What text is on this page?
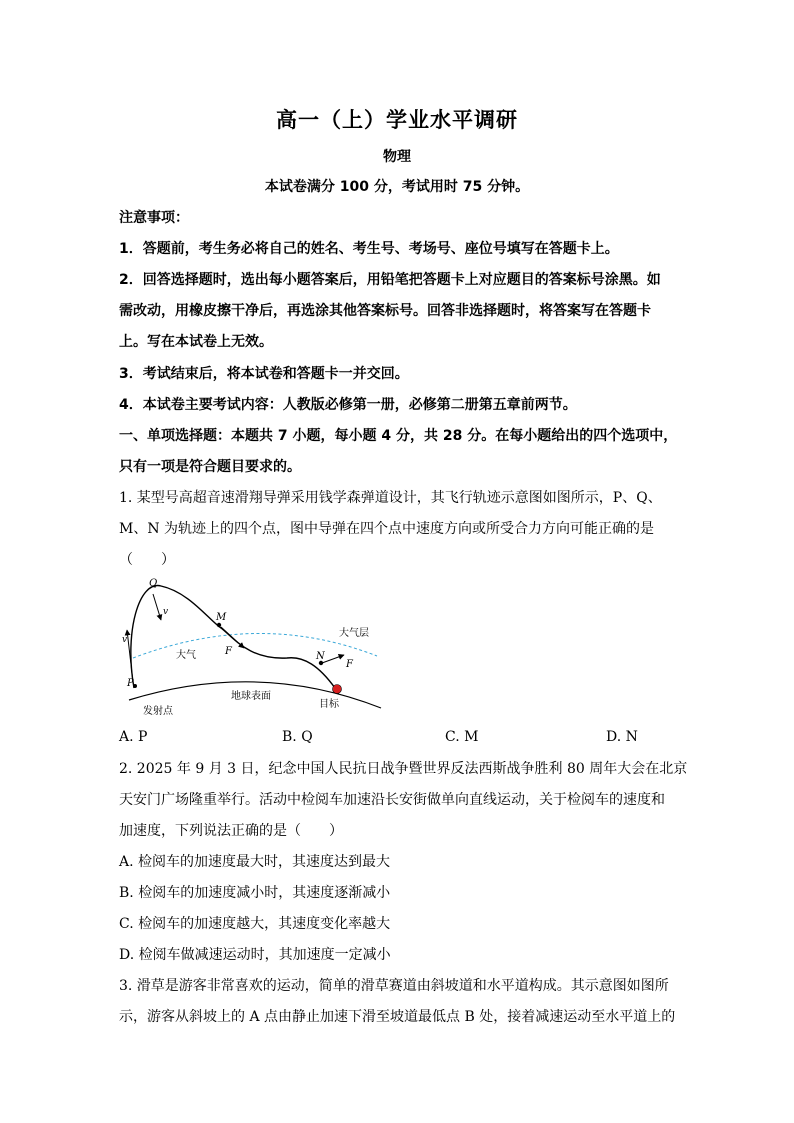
高一（上）学业水平调研
物理
本试卷满分 100 分，考试用时 75 分钟。
注意事项：
1．答题前，考生务必将自己的姓名、考生号、考场号、座位号填写在答题卡上。
2．回答选择题时，选出每小题答案后，用铅笔把答题卡上对应题目的答案标号涂黑。如
需改动，用橡皮擦干净后，再选涂其他答案标号。回答非选择题时，将答案写在答题卡
上。写在本试卷上无效。
3．考试结束后，将本试卷和答题卡一并交回。
4．本试卷主要考试内容：人教版必修第一册，必修第二册第五章前两节。
一、单项选择题：本题共 7 小题，每小题 4 分，共 28 分。在每小题给出的四个选项中，
只有一项是符合题目要求的。
1. 某型号高超音速滑翔导弹采用钱学森弹道设计，其飞行轨迹示意图如图所示，P、Q、
M、N 为轨迹上的四个点，图中导弹在四个点中速度方向或所受合力方向可能正确的是
（　　）
Q
v	M
大气层
v
大气	F	N
F
P
地球表面
发射点
目标
A. P	B. Q	C. M	D. N
2. 2025 年 9 月 3 日，纪念中国人民抗日战争暨世界反法西斯战争胜利 80 周年大会在北京
天安门广场隆重举行。活动中检阅车加速沿长安街做单向直线运动，关于检阅车的速度和
加速度，下列说法正确的是（　　）
A. 检阅车的加速度最大时，其速度达到最大
B. 检阅车的加速度减小时，其速度逐渐减小
C. 检阅车的加速度越大，其速度变化率越大
D. 检阅车做减速运动时，其加速度一定减小
3. 滑草是游客非常喜欢的运动，简单的滑草赛道由斜坡道和水平道构成。其示意图如图所
示，游客从斜坡上的 A 点由静止加速下滑至坡道最低点 B 处，接着减速运动至水平道上的
